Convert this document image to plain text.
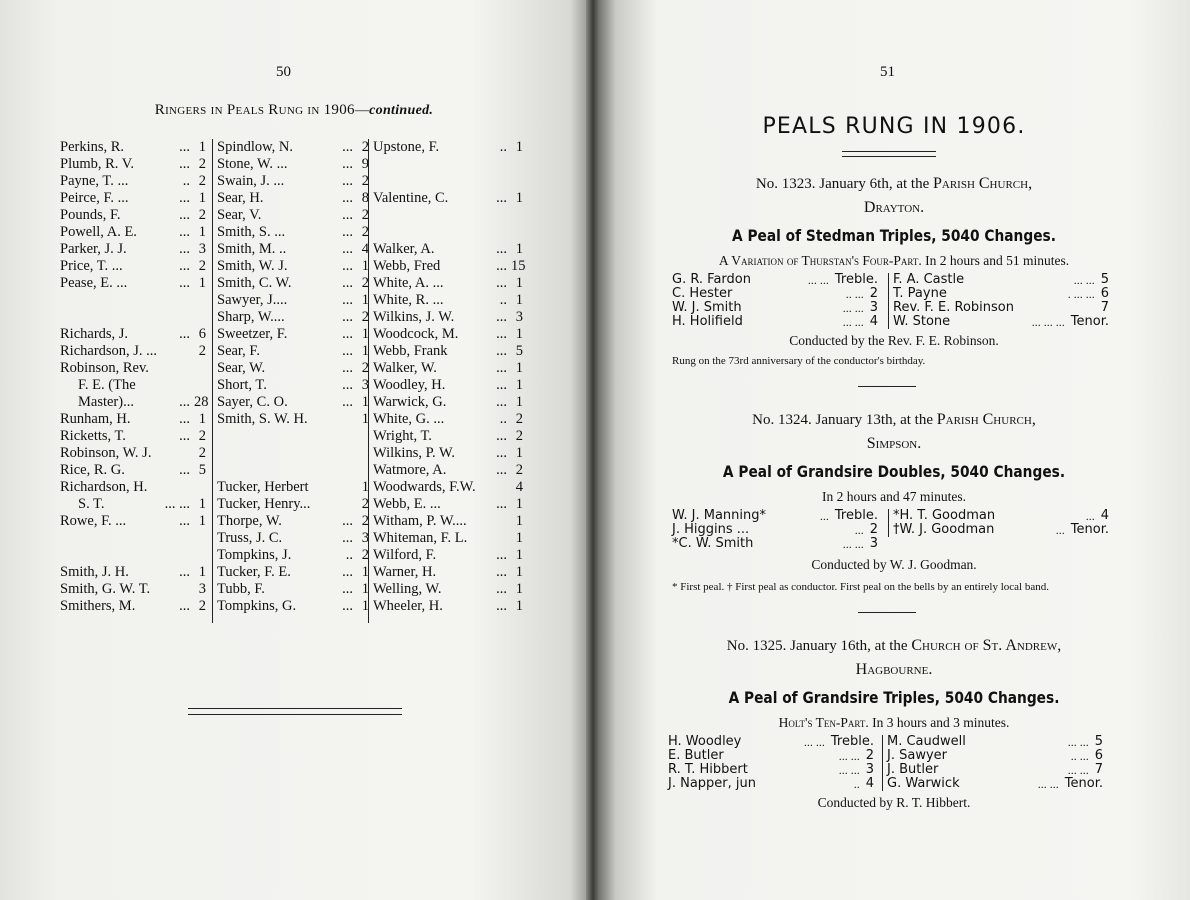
50
Ringers in Peals Rung in 1906—continued.
Perkins, R.	... 1
Plumb, R. V.	... 2
Payne, T. ...	.. 2
Peirce, F. ...	... 1
Pounds, F.	... 2
Powell, A. E.	... 1
Parker, J. J.	... 3
Price, T. ...	... 2
Pease, E. ...	... 1
Richards, J.	... 6
Richardson, J. ...	2
Robinson, Rev.
F. E. (The
Master)...	... 28
Runham, H.	... 1
Ricketts, T.	... 2
Robinson, W. J.	2
Rice, R. G.	... 5
Richardson, H.
S. T.	... ... 1
Rowe, F. ...	... 1
Smith, J. H.	... 1
Smith, G. W. T.	3
Smithers, M.	... 2
Spindlow, N.	... 2
Stone, W. ...	... 9
Swain, J. ...	... 2
Sear, H.	... 8
Sear, V.	... 2
Smith, S. ...	... 2
Smith, M. ..	... 4
Smith, W. J.	... 1
Smith, C. W.	... 2
Sawyer, J....	... 1
Sharp, W....	... 2
Sweetzer, F.	... 1
Sear, F.	... 1
Sear, W.	... 2
Short, T.	... 3
Sayer, C. O.	... 1
Smith, S. W. H.	1
Tucker, Herbert	1
Tucker, Henry...	2
Thorpe, W.	... 2
Truss, J. C.	... 3
Tompkins, J.	.. 2
Tucker, F. E.	... 1
Tubb, F.	... 1
Tompkins, G.	... 1
Upstone, F.	.. 1
Valentine, C.	... 1
Walker, A.	... 1
Webb, Fred	... 15
White, A. ...	... 1
White, R. ...	.. 1
Wilkins, J. W.	... 3
Woodcock, M.	... 1
Webb, Frank	... 5
Walker, W.	... 1
Woodley, H.	... 1
Warwick, G.	... 1
White, G. ...	.. 2
Wright, T.	... 2
Wilkins, P. W.	... 1
Watmore, A.	... 2
Woodwards, F.W.	4
Webb, E. ...	... 1
Witham, P. W....	1
Whiteman, F. L.	1
Wilford, F.	... 1
Warner, H.	... 1
Welling, W.	... 1
Wheeler, H.	... 1
51
PEALS RUNG IN 1906.
No. 1323. January 6th, at the Parish Church,
Drayton.
A Peal of Stedman Triples, 5040 Changes.
A Variation of Thurstan's Four-Part. In 2 hours and 51 minutes.
G. R. Fardon	... ... Treble.
C. Hester	.. ... 2
W. J. Smith	... ... 3
H. Holifield	... ... 4
F. A. Castle	... ... 5
T. Payne	. ... ... 6
Rev. F. E. Robinson	7
W. Stone	... ... ... Tenor.
Conducted by the Rev. F. E. Robinson.
Rung on the 73rd anniversary of the conductor's birthday.
No. 1324. January 13th, at the Parish Church,
Simpson.
A Peal of Grandsire Doubles, 5040 Changes.
In 2 hours and 47 minutes.
W. J. Manning*	... Treble.
J. Higgins ...	... 2
*C. W. Smith	... ... 3
*H. T. Goodman	... 4
†W. J. Goodman	... Tenor.
Conducted by W. J. Goodman.
* First peal. † First peal as conductor. First peal on the bells by an entirely local band.
No. 1325. January 16th, at the Church of St. Andrew,
Hagbourne.
A Peal of Grandsire Triples, 5040 Changes.
Holt's Ten-Part. In 3 hours and 3 minutes.
H. Woodley	... ... Treble.
E. Butler	... ... 2
R. T. Hibbert	... ... 3
J. Napper, jun	.. 4
M. Caudwell	... ... 5
J. Sawyer	.. ... 6
J. Butler	... ... 7
G. Warwick	... ... Tenor.
Conducted by R. T. Hibbert.
